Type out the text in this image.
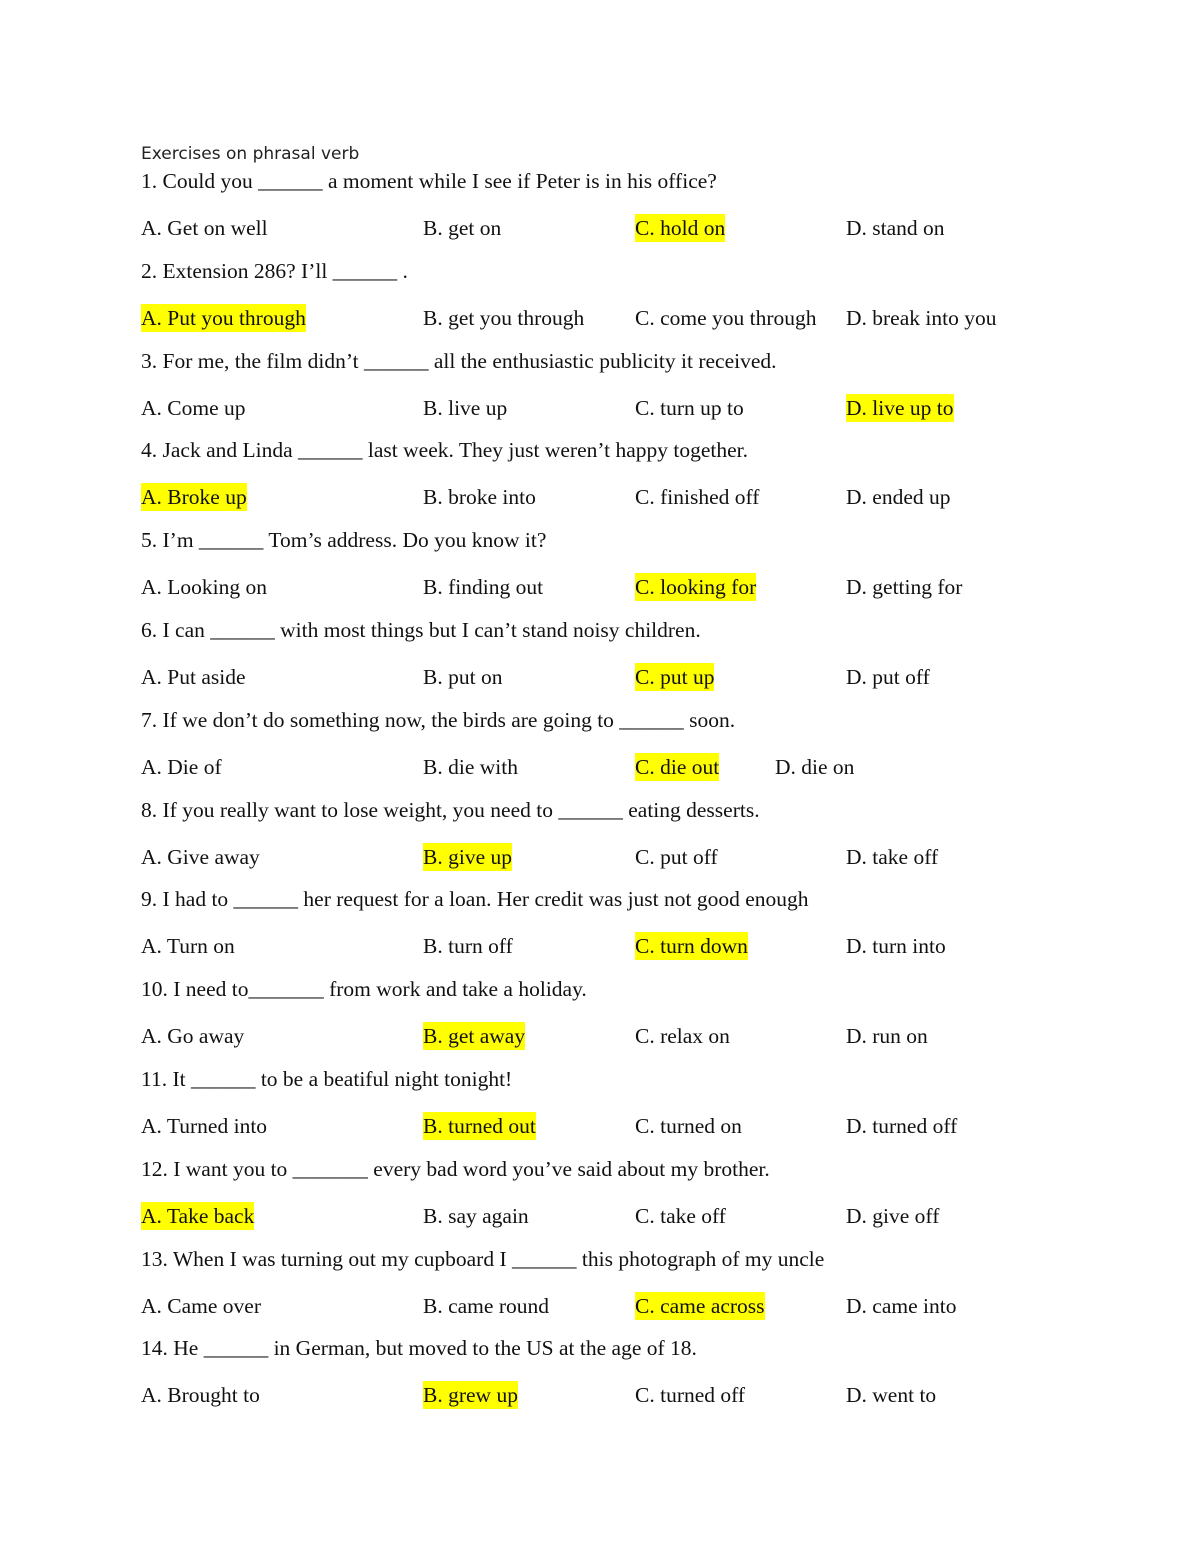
Exercises on phrasal verb
1. Could you ______ a moment while I see if Peter is in his office?
A. Get on well	B. get on	C. hold on	D. stand on
2. Extension 286? I’ll ______ .
A. Put you through	B. get you through C. come you through D. break into you
3. For me, the film didn’t ______ all the enthusiastic publicity it received.
A. Come up	B. live up	C. turn up to	D. live up to
4. Jack and Linda ______ last week. They just weren’t happy together.
A. Broke up	B. broke into	C. finished off	D. ended up
5. I’m ______ Tom’s address. Do you know it?
A. Looking on	B. finding out	C. looking for	D. getting for
6. I can ______ with most things but I can’t stand noisy children.
A. Put aside	B. put on	C. put up	D. put off
7. If we don’t do something now, the birds are going to ______ soon.
A. Die of	B. die with	C. die out	D. die on
8. If you really want to lose weight, you need to ______ eating desserts.
A. Give away	B. give up	C. put off	D. take off
9. I had to ______ her request for a loan. Her credit was just not good enough
A. Turn on	B. turn off	C. turn down	D. turn into
10. I need to_______ from work and take a holiday.
A. Go away	B. get away	C. relax on	D. run on
11. It ______ to be a beatiful night tonight!
A. Turned into	B. turned out	C. turned on	D. turned off
12. I want you to _______ every bad word you’ve said about my brother.
A. Take back	B. say again	C. take off	D. give off
13. When I was turning out my cupboard I ______ this photograph of my uncle
A. Came over	B. came round	C. came across	D. came into
14. He ______ in German, but moved to the US at the age of 18.
A. Brought to	B. grew up	C. turned off	D. went to
